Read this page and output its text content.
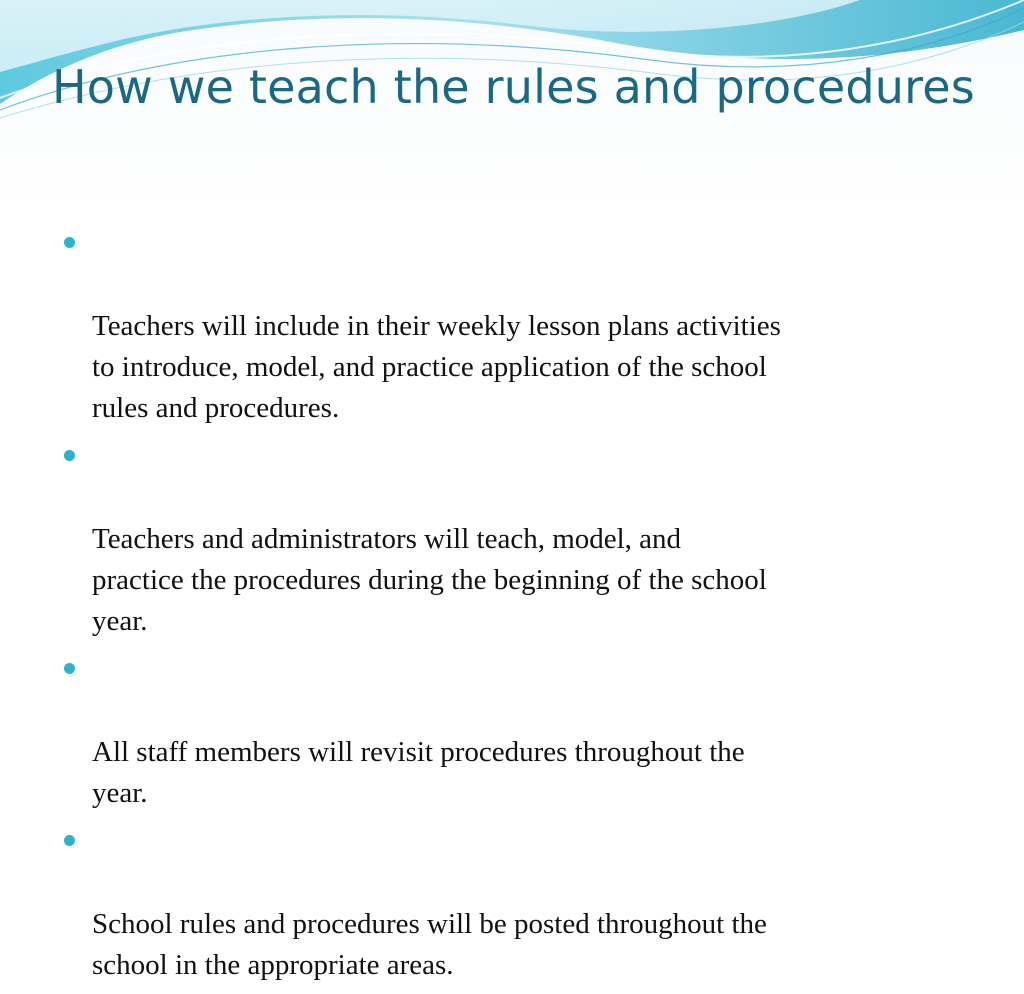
How we teach the rules and procedures

Teachers will include in their weekly lesson plans activities
to introduce, model, and practice application of the school
rules and procedures.

Teachers and administrators will teach, model, and
practice the procedures during the beginning of the school
year.

All staff members will revisit procedures throughout the
year.

School rules and procedures will be posted throughout the
school in the appropriate areas.
